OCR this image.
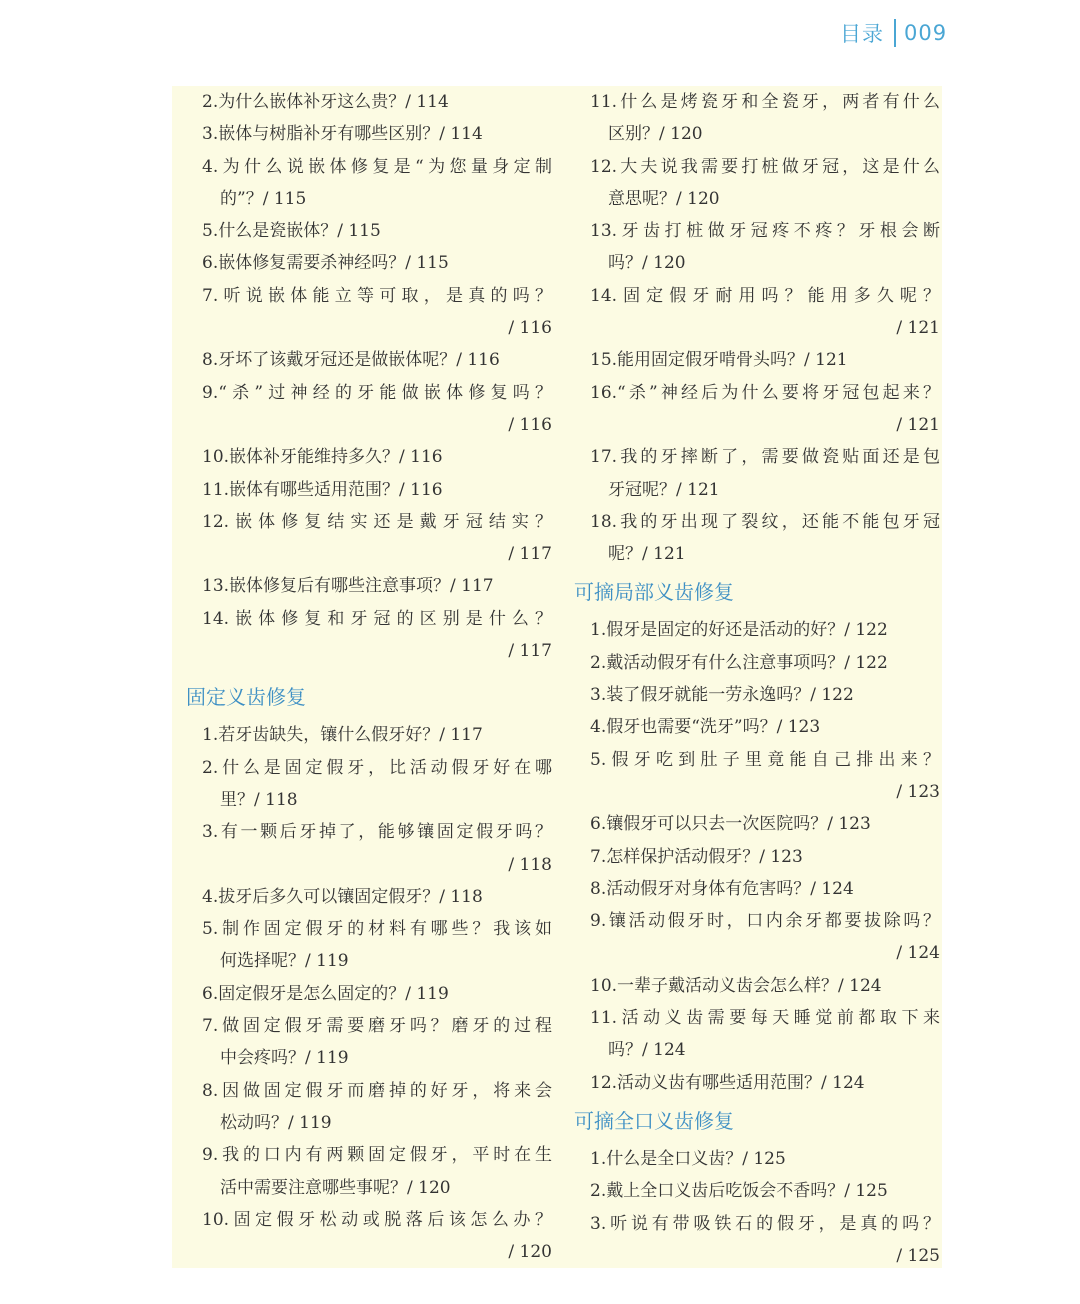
目录 009
2.为什么嵌体补牙这么贵？/ 114
3.嵌体与树脂补牙有哪些区别？/ 114
4.为什么说嵌体修复是“为您量身定制
的”？/ 115
5.什么是瓷嵌体？/ 115
6.嵌体修复需要杀神经吗？/ 115
7.听说嵌体能立等可取，是真的吗？
/ 116
8.牙坏了该戴牙冠还是做嵌体呢？/ 116
9.“杀”过神经的牙能做嵌体修复吗？
/ 116
10.嵌体补牙能维持多久？/ 116
11.嵌体有哪些适用范围？/ 116
12.嵌体修复结实还是戴牙冠结实？
/ 117
13.嵌体修复后有哪些注意事项？/ 117
14.嵌体修复和牙冠的区别是什么？
/ 117
固定义齿修复
1.若牙齿缺失，镶什么假牙好？/ 117
2.什么是固定假牙，比活动假牙好在哪
里？/ 118
3.有一颗后牙掉了，能够镶固定假牙吗？
/ 118
4.拔牙后多久可以镶固定假牙？/ 118
5.制作固定假牙的材料有哪些？我该如
何选择呢？/ 119
6.固定假牙是怎么固定的？/ 119
7.做固定假牙需要磨牙吗？磨牙的过程
中会疼吗？/ 119
8.因做固定假牙而磨掉的好牙，将来会
松动吗？/ 119
9.我的口内有两颗固定假牙，平时在生
活中需要注意哪些事呢？/ 120
10.固定假牙松动或脱落后该怎么办？
/ 120
11.什么是烤瓷牙和全瓷牙，两者有什么
区别？/ 120
12.大夫说我需要打桩做牙冠，这是什么
意思呢？/ 120
13.牙齿打桩做牙冠疼不疼？牙根会断
吗？/ 120
14.固定假牙耐用吗？能用多久呢？
/ 121
15.能用固定假牙啃骨头吗？/ 121
16.“杀”神经后为什么要将牙冠包起来？
/ 121
17.我的牙摔断了，需要做瓷贴面还是包
牙冠呢？/ 121
18.我的牙出现了裂纹，还能不能包牙冠
呢？/ 121
可摘局部义齿修复
1.假牙是固定的好还是活动的好？/ 122
2.戴活动假牙有什么注意事项吗？/ 122
3.装了假牙就能一劳永逸吗？/ 122
4.假牙也需要“洗牙”吗？/ 123
5.假牙吃到肚子里竟能自己排出来？
/ 123
6.镶假牙可以只去一次医院吗？/ 123
7.怎样保护活动假牙？/ 123
8.活动假牙对身体有危害吗？/ 124
9.镶活动假牙时，口内余牙都要拔除吗？
/ 124
10.一辈子戴活动义齿会怎么样？/ 124
11.活动义齿需要每天睡觉前都取下来
吗？/ 124
12.活动义齿有哪些适用范围？/ 124
可摘全口义齿修复
1.什么是全口义齿？/ 125
2.戴上全口义齿后吃饭会不香吗？/ 125
3.听说有带吸铁石的假牙，是真的吗？
/ 125
